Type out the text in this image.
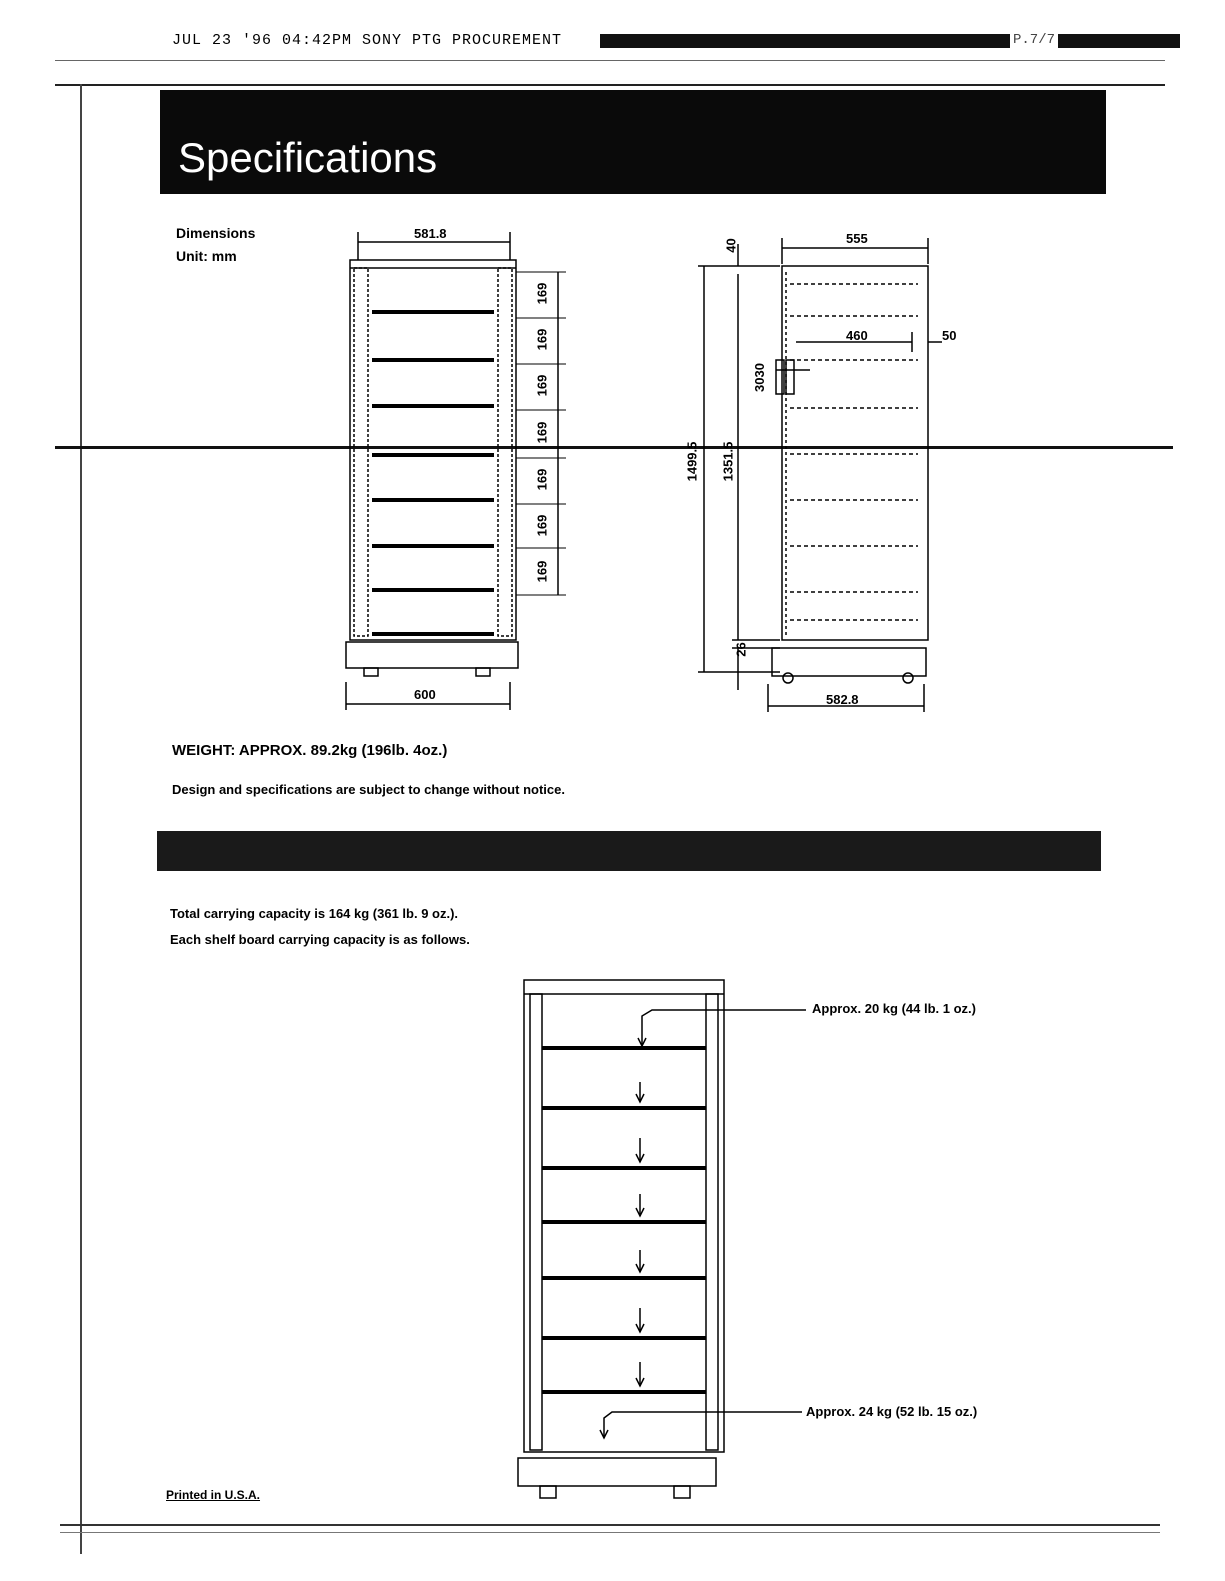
JUL 23 '96 04:42PM SONY PTG PROCUREMENT	P.7/7
Specifications
Dimensions
Unit: mm
581.8
600
169
169
169
169
169
169
169
555
40
460	50
3030
1499.5 1351.5
26
582.8
WEIGHT: APPROX. 89.2kg (196lb. 4oz.)
Design and specifications are subject to change without notice.
Total carrying capacity is 164 kg (361 lb. 9 oz.).
Each shelf board carrying capacity is as follows.
Approx. 20 kg (44 lb. 1 oz.)
Approx. 24 kg (52 lb. 15 oz.)
Printed in U.S.A.
